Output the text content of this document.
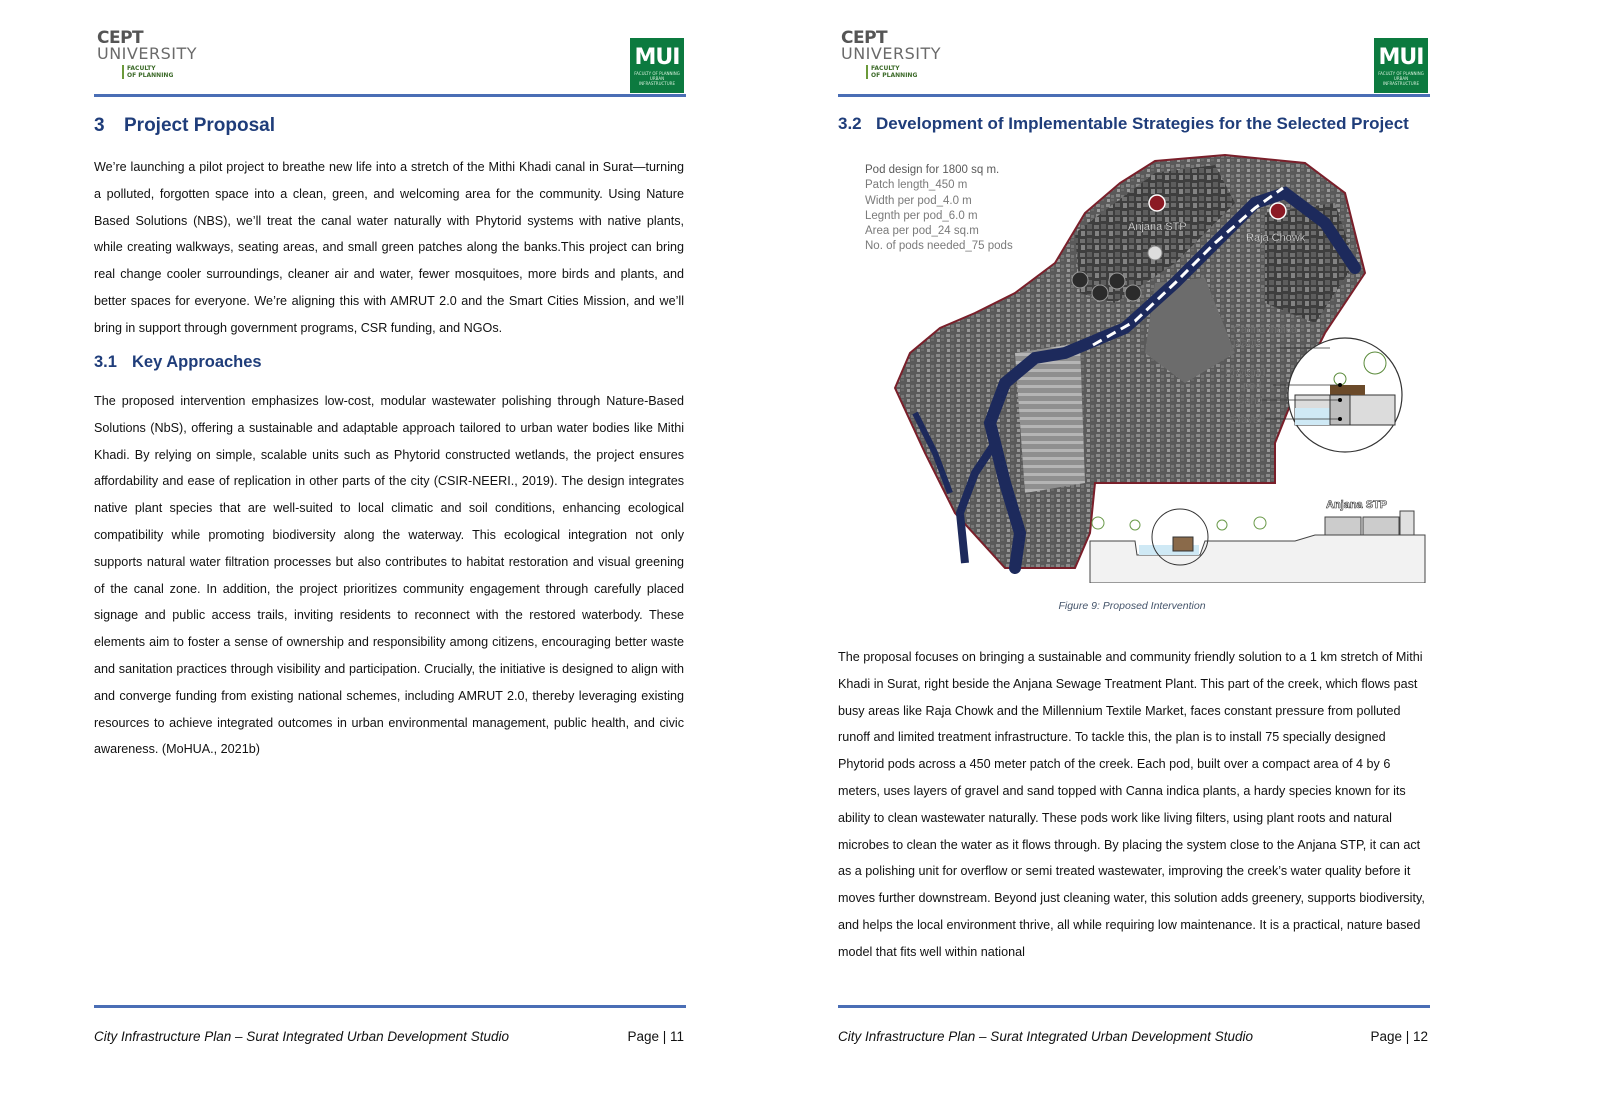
CEPT
UNIVERSITY
FACULTY
OF PLANNING
MUI
FACULTY OF PLANNING URBAN INFRASTRUCTURE
3 Project Proposal

We’re launching a pilot project to breathe new life into a stretch of the Mithi Khadi canal in Surat—turning a polluted, forgotten space into a clean, green, and welcoming area for the community. Using Nature Based Solutions (NBS), we’ll treat the canal water naturally with Phytorid systems with native plants, while creating walkways, seating areas, and small green patches along the banks.This project can bring real change cooler surroundings, cleaner air and water, fewer mosquitoes, more birds and plants, and better spaces for everyone. We’re aligning this with AMRUT 2.0 and the Smart Cities Mission, and we’ll bring in support through government programs, CSR funding, and NGOs.

3.1 Key Approaches

The proposed intervention emphasizes low-cost, modular wastewater polishing through Nature-Based Solutions (NbS), offering a sustainable and adaptable approach tailored to urban water bodies like Mithi Khadi. By relying on simple, scalable units such as Phytorid constructed wetlands, the project ensures affordability and ease of replication in other parts of the city (CSIR-NEERI., 2019). The design integrates native plant species that are well-suited to local climatic and soil conditions, enhancing ecological compatibility while promoting biodiversity along the waterway. This ecological integration not only supports natural water filtration processes but also contributes to habitat restoration and visual greening of the canal zone. In addition, the project prioritizes community engagement through carefully placed signage and public access trails, inviting residents to reconnect with the restored waterbody. These elements aim to foster a sense of ownership and responsibility among citizens, encouraging better waste and sanitation practices through visibility and participation. Crucially, the initiative is designed to align with and converge funding from existing national schemes, including AMRUT 2.0, thereby leveraging existing resources to achieve integrated outcomes in urban environmental management, public health, and civic awareness. (MoHUA., 2021b)

City Infrastructure Plan – Surat Integrated Urban Development Studio	Page | 11
CEPT
UNIVERSITY
FACULTY
OF PLANNING
MUI
FACULTY OF PLANNING URBAN INFRASTRUCTURE
3.2 Development of Implementable Strategies for the Selected Project
Figure 9: Proposed Intervention

The proposal focuses on bringing a sustainable and community friendly solution to a 1 km stretch of Mithi Khadi in Surat, right beside the Anjana Sewage Treatment Plant. This part of the creek, which flows past busy areas like Raja Chowk and the Millennium Textile Market, faces constant pressure from polluted runoff and limited treatment infrastructure. To tackle this, the plan is to install 75 specially designed Phytorid pods across a 450 meter patch of the creek. Each pod, built over a compact area of 4 by 6 meters, uses layers of gravel and sand topped with Canna indica plants, a hardy species known for its ability to clean wastewater naturally. These pods work like living filters, using plant roots and natural microbes to clean the water as it flows through. By placing the system close to the Anjana STP, it can act as a polishing unit for overflow or semi treated wastewater, improving the creek’s water quality before it moves further downstream. Beyond just cleaning water, this solution adds greenery, supports biodiversity, and helps the local environment thrive, all while requiring low maintenance. It is a practical, nature based model that fits well within national

City Infrastructure Plan – Surat Integrated Urban Development Studio	Page | 12
Pod design for 1800 sq m.
Patch length_450 m
Width per pod_4.0 m
Legnth per pod_6.0 m
Area per pod_24 sq.m
No. of pods needed_75 pods
Anjana STP
Raja Chowk
Canna indica plants
Phytorid pod
Sand
Gravel
Anjana STP
